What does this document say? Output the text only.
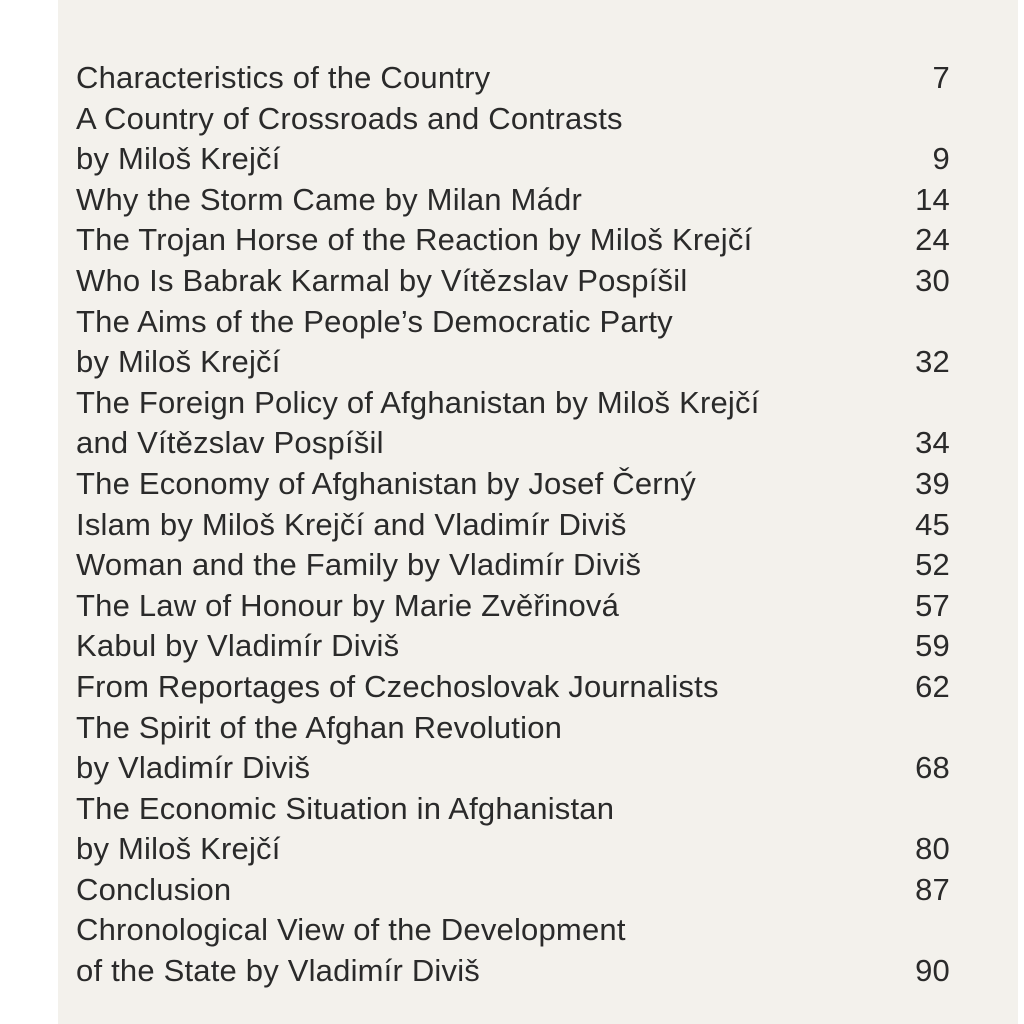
Characteristics of the Country	7
A Country of Crossroads and Contrasts
by Miloš Krejčí	9
Why the Storm Came by Milan Mádr	14
The Trojan Horse of the Reaction by Miloš Krejčí	24
Who Is Babrak Karmal by Vítězslav Pospíšil	30
The Aims of the People’s Democratic Party
by Miloš Krejčí	32
The Foreign Policy of Afghanistan by Miloš Krejčí
and Vítězslav Pospíšil	34
The Economy of Afghanistan by Josef Černý	39
Islam by Miloš Krejčí and Vladimír Diviš	45
Woman and the Family by Vladimír Diviš	52
The Law of Honour by Marie Zvěřinová	57
Kabul by Vladimír Diviš	59
From Reportages of Czechoslovak Journalists	62
The Spirit of the Afghan Revolution
by Vladimír Diviš	68
The Economic Situation in Afghanistan
by Miloš Krejčí	80
Conclusion	87
Chronological View of the Development
of the State by Vladimír Diviš	90
